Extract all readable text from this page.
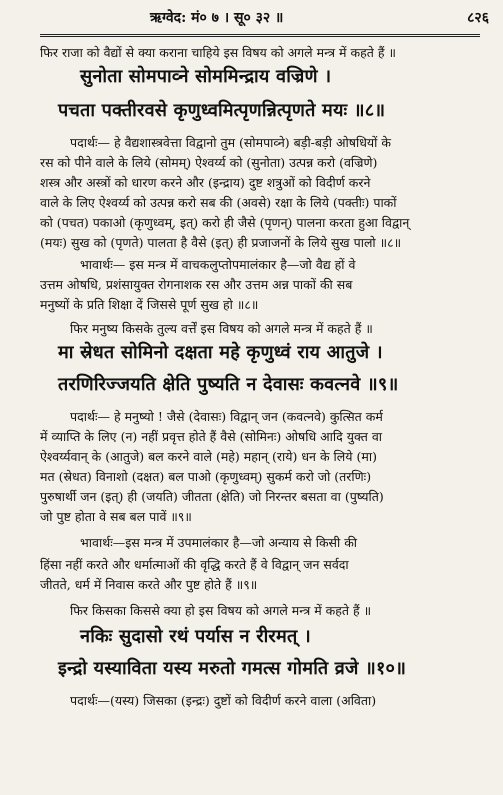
ऋग्वेद: मं० ७ । सू० ३२ ॥	८२६
फिर राजा को वैद्यों से क्या कराना चाहिये इस विषय को अगले मन्त्र में कहते हैं ॥
सुनोता सोमपाव्ने सोममिन्द्राय वज्रिणे ।
पचता पक्तीरवसे कृणुध्वमित्पृणन्नित्पृणते मयः ॥८॥
पदार्थः— हे वैद्यशास्त्रवेत्ता विद्वानो तुम (सोमपाव्ने) बड़ी-बड़ी ओषधियों के
रस को पीने वाले के लिये (सोमम्) ऐश्वर्य्य को (सुनोता) उत्पन्न करो (वज्रिणे)
शस्त्र और अस्त्रों को धारण करने और (इन्द्राय) दुष्ट शत्रुओं को विदीर्ण करने
वाले के लिए ऐश्वर्य्य को उत्पन्न करो सब की (अवसे) रक्षा के लिये (पक्तीः) पाकों
को (पचत) पकाओ (कृणुध्वम्, इत्) करो ही जैसे (पृणन्) पालना करता हुआ विद्वान्
(मयः) सुख को (पृणते) पालता है वैसे (इत्) ही प्रजाजनों के लिये सुख पालो ॥८॥
भावार्थः— इस मन्त्र में वाचकलुप्तोपमालंकार है—जो वैद्य हों वे
उत्तम ओषधि, प्रशंसायुक्त रोगनाशक रस और उत्तम अन्न पाकों की सब
मनुष्यों के प्रति शिक्षा दें जिससे पूर्ण सुख हो ॥८॥
फिर मनुष्य किसके तुल्य वर्त्तें इस विषय को अगले मन्त्र में कहते हैं ॥
मा स्रेधत सोमिनो दक्षता महे कृणुध्वं राय आतुजे ।
तरणिरिज्जयति क्षेति पुष्यति न देवासः कवत्नवे ॥९॥
पदार्थः— हे मनुष्यो ! जैसे (देवासः) विद्वान् जन (कवत्नवे) कुत्सित कर्म
में व्याप्ति के लिए (न) नहीं प्रवृत्त होते हैं वैसे (सोमिनः) ओषधि आदि युक्त वा
ऐश्वर्य्यवान् के (आतुजे) बल करने वाले (महे) महान् (राये) धन के लिये (मा)
मत (स्रेधत) विनाशो (दक्षत) बल पाओ (कृणुध्वम्) सुकर्म करो जो (तरणिः)
पुरुषार्थी जन (इत्) ही (जयति) जीतता (क्षेति) जो निरन्तर बसता वा (पुष्यति)
जो पुष्ट होता वे सब बल पावें ॥९॥
भावार्थः—इस मन्त्र में उपमालंकार है—जो अन्याय से किसी की
हिंसा नहीं करते और धर्मात्माओं की वृद्धि करते हैं वे विद्वान् जन सर्वदा
जीतते, धर्म में निवास करते और पुष्ट होते हैं ॥९॥
फिर किसका किससे क्या हो इस विषय को अगले मन्त्र में कहते हैं ॥
नकिः सुदासो रथं पर्यास न रीरमत् ।
इन्द्रो यस्याविता यस्य मरुतो गमत्स गोमति व्रजे ॥१०॥
पदार्थः—(यस्य) जिसका (इन्द्रः) दुष्टों को विदीर्ण करने वाला (अविता)
